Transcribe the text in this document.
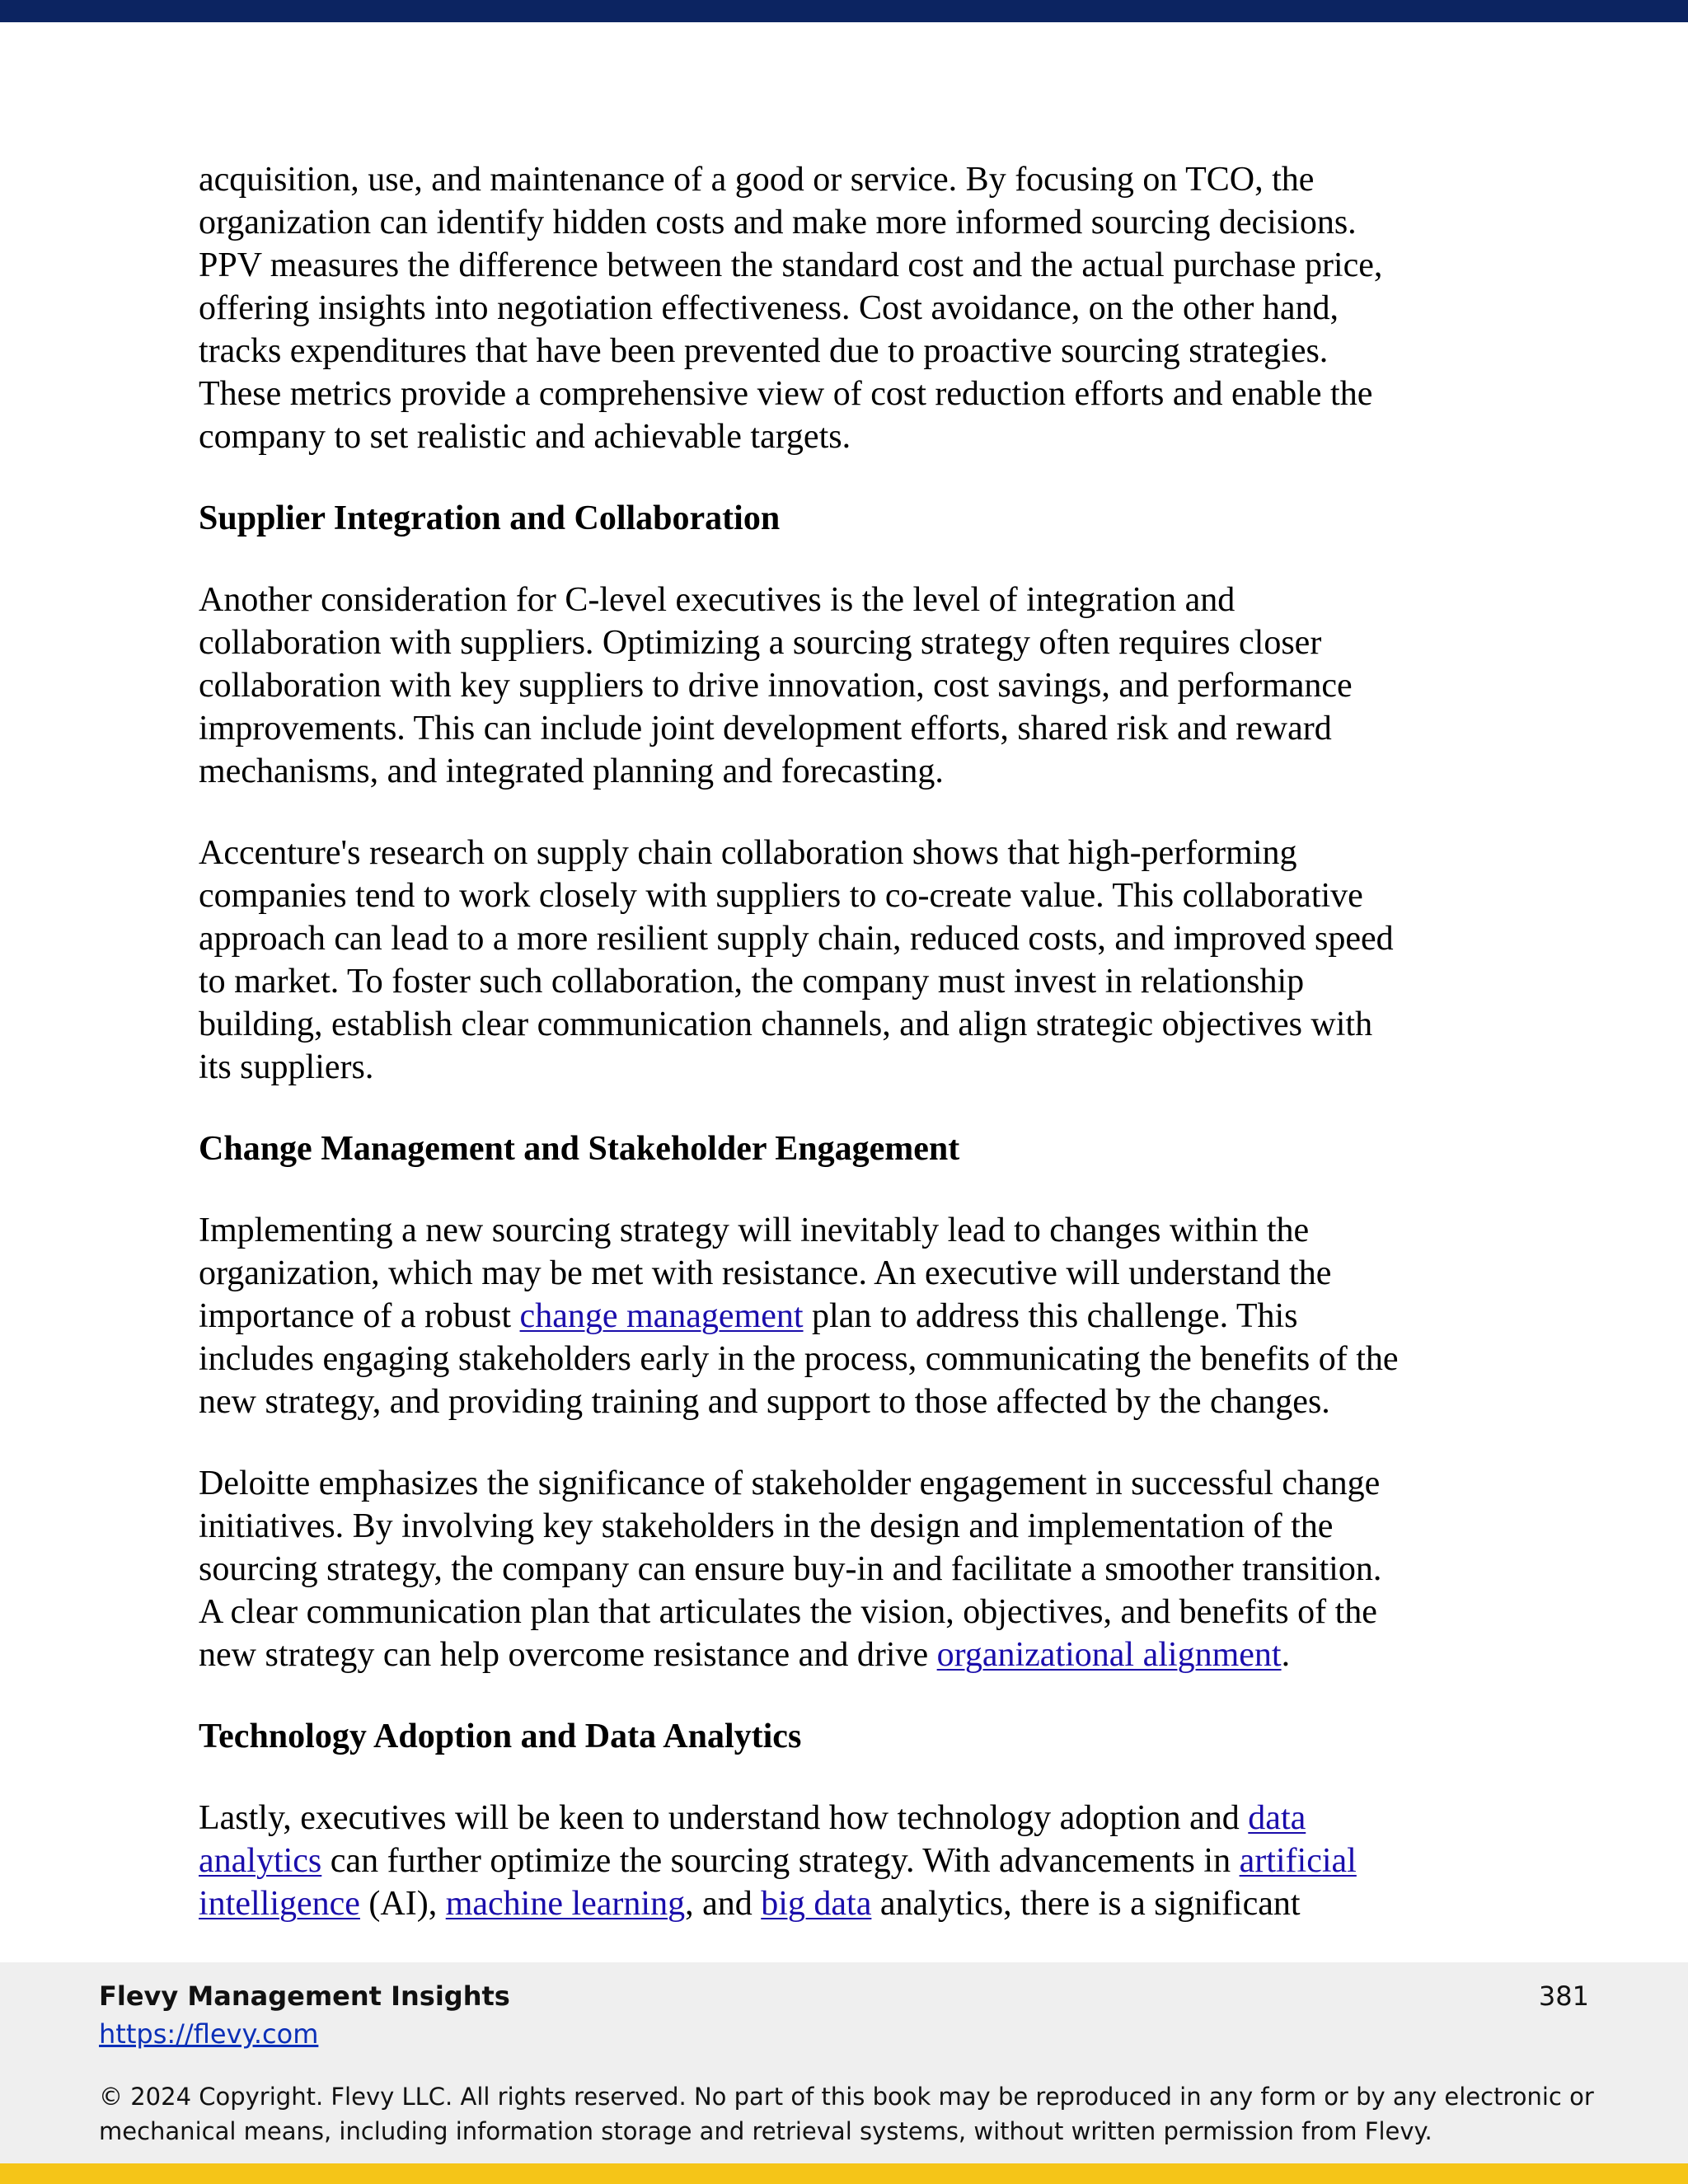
acquisition, use, and maintenance of a good or service. By focusing on TCO, the
organization can identify hidden costs and make more informed sourcing decisions.
PPV measures the difference between the standard cost and the actual purchase price,
offering insights into negotiation effectiveness. Cost avoidance, on the other hand,
tracks expenditures that have been prevented due to proactive sourcing strategies.
These metrics provide a comprehensive view of cost reduction efforts and enable the
company to set realistic and achievable targets.

Supplier Integration and Collaboration

Another consideration for C-level executives is the level of integration and
collaboration with suppliers. Optimizing a sourcing strategy often requires closer
collaboration with key suppliers to drive innovation, cost savings, and performance
improvements. This can include joint development efforts, shared risk and reward
mechanisms, and integrated planning and forecasting.

Accenture's research on supply chain collaboration shows that high-performing
companies tend to work closely with suppliers to co-create value. This collaborative
approach can lead to a more resilient supply chain, reduced costs, and improved speed
to market. To foster such collaboration, the company must invest in relationship
building, establish clear communication channels, and align strategic objectives with
its suppliers.

Change Management and Stakeholder Engagement

Implementing a new sourcing strategy will inevitably lead to changes within the
organization, which may be met with resistance. An executive will understand the
importance of a robust change management plan to address this challenge. This
includes engaging stakeholders early in the process, communicating the benefits of the
new strategy, and providing training and support to those affected by the changes.

Deloitte emphasizes the significance of stakeholder engagement in successful change
initiatives. By involving key stakeholders in the design and implementation of the
sourcing strategy, the company can ensure buy-in and facilitate a smoother transition.
A clear communication plan that articulates the vision, objectives, and benefits of the
new strategy can help overcome resistance and drive organizational alignment.

Technology Adoption and Data Analytics

Lastly, executives will be keen to understand how technology adoption and data
analytics can further optimize the sourcing strategy. With advancements in artificial
intelligence (AI), machine learning, and big data analytics, there is a significant

Flevy Management Insights
https://flevy.com
381
© 2024 Copyright. Flevy LLC. All rights reserved. No part of this book may be reproduced in any form or by any electronic or mechanical means, including information storage and retrieval systems, without written permission from Flevy.
